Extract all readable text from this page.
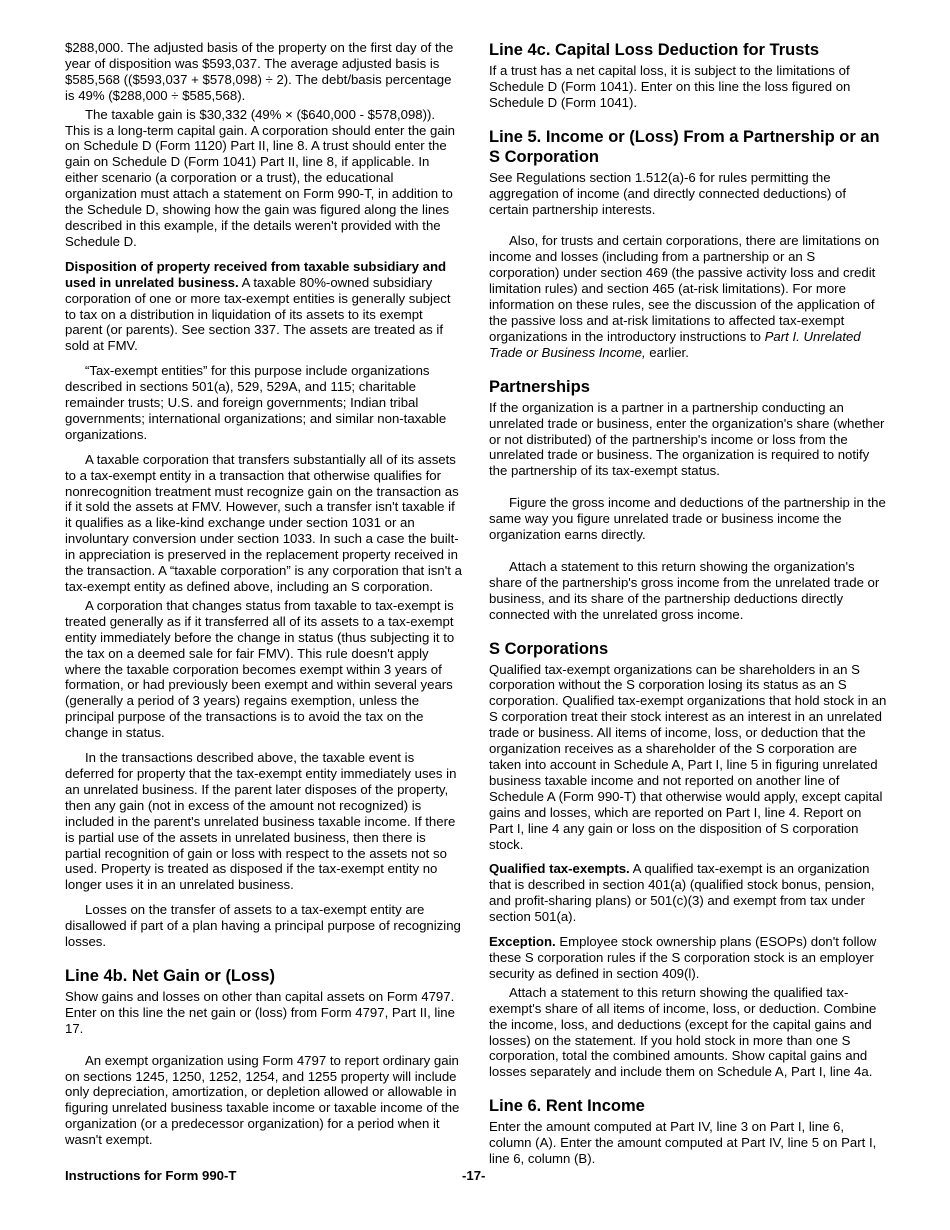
$288,000. The adjusted basis of the property on the first day of the year of disposition was $593,037. The average adjusted basis is $585,568 (($593,037 + $578,098) ÷ 2). The debt/basis percentage is 49% ($288,000 ÷ $585,568).

The taxable gain is $30,332 (49% × ($640,000 - $578,098)). This is a long-term capital gain. A corporation should enter the gain on Schedule D (Form 1120) Part II, line 8. A trust should enter the gain on Schedule D (Form 1041) Part II, line 8, if applicable. In either scenario (a corporation or a trust), the educational organization must attach a statement on Form 990-T, in addition to the Schedule D, showing how the gain was figured along the lines described in this example, if the details weren't provided with the Schedule D.

Disposition of property received from taxable subsidiary and used in unrelated business. A taxable 80%-owned subsidiary corporation of one or more tax-exempt entities is generally subject to tax on a distribution in liquidation of its assets to its exempt parent (or parents). See section 337. The assets are treated as if sold at FMV.

“Tax-exempt entities” for this purpose include organizations described in sections 501(a), 529, 529A, and 115; charitable remainder trusts; U.S. and foreign governments; Indian tribal governments; international organizations; and similar non-taxable organizations.

A taxable corporation that transfers substantially all of its assets to a tax-exempt entity in a transaction that otherwise qualifies for nonrecognition treatment must recognize gain on the transaction as if it sold the assets at FMV. However, such a transfer isn't taxable if it qualifies as a like-kind exchange under section 1031 or an involuntary conversion under section 1033. In such a case the built-in appreciation is preserved in the replacement property received in the transaction. A “taxable corporation” is any corporation that isn't a tax-exempt entity as defined above, including an S corporation.

A corporation that changes status from taxable to tax-exempt is treated generally as if it transferred all of its assets to a tax-exempt entity immediately before the change in status (thus subjecting it to the tax on a deemed sale for fair FMV). This rule doesn't apply where the taxable corporation becomes exempt within 3 years of formation, or had previously been exempt and within several years (generally a period of 3 years) regains exemption, unless the principal purpose of the transactions is to avoid the tax on the change in status.

In the transactions described above, the taxable event is deferred for property that the tax-exempt entity immediately uses in an unrelated business. If the parent later disposes of the property, then any gain (not in excess of the amount not recognized) is included in the parent's unrelated business taxable income. If there is partial use of the assets in unrelated business, then there is partial recognition of gain or loss with respect to the assets not so used. Property is treated as disposed if the tax-exempt entity no longer uses it in an unrelated business.

Losses on the transfer of assets to a tax-exempt entity are disallowed if part of a plan having a principal purpose of recognizing losses.

Line 4b. Net Gain or (Loss)

Show gains and losses on other than capital assets on Form 4797. Enter on this line the net gain or (loss) from Form 4797, Part II, line 17.

An exempt organization using Form 4797 to report ordinary gain on sections 1245, 1250, 1252, 1254, and 1255 property will include only depreciation, amortization, or depletion allowed or allowable in figuring unrelated business taxable income or taxable income of the organization (or a predecessor organization) for a period when it wasn't exempt.

Line 4c. Capital Loss Deduction for Trusts

If a trust has a net capital loss, it is subject to the limitations of Schedule D (Form 1041). Enter on this line the loss figured on Schedule D (Form 1041).

Line 5. Income or (Loss) From a Partnership or an S Corporation

See Regulations section 1.512(a)-6 for rules permitting the aggregation of income (and directly connected deductions) of certain partnership interests.

Also, for trusts and certain corporations, there are limitations on income and losses (including from a partnership or an S corporation) under section 469 (the passive activity loss and credit limitation rules) and section 465 (at-risk limitations). For more information on these rules, see the discussion of the application of the passive loss and at-risk limitations to affected tax-exempt organizations in the introductory instructions to Part I. Unrelated Trade or Business Income, earlier.

Partnerships

If the organization is a partner in a partnership conducting an unrelated trade or business, enter the organization's share (whether or not distributed) of the partnership's income or loss from the unrelated trade or business. The organization is required to notify the partnership of its tax-exempt status.

Figure the gross income and deductions of the partnership in the same way you figure unrelated trade or business income the organization earns directly.

Attach a statement to this return showing the organization's share of the partnership's gross income from the unrelated trade or business, and its share of the partnership deductions directly connected with the unrelated gross income.

S Corporations

Qualified tax-exempt organizations can be shareholders in an S corporation without the S corporation losing its status as an S corporation. Qualified tax-exempt organizations that hold stock in an S corporation treat their stock interest as an interest in an unrelated trade or business. All items of income, loss, or deduction that the organization receives as a shareholder of the S corporation are taken into account in Schedule A, Part I, line 5 in figuring unrelated business taxable income and not reported on another line of Schedule A (Form 990-T) that otherwise would apply, except capital gains and losses, which are reported on Part I, line 4. Report on Part I, line 4 any gain or loss on the disposition of S corporation stock.

Qualified tax-exempts. A qualified tax-exempt is an organization that is described in section 401(a) (qualified stock bonus, pension, and profit-sharing plans) or 501(c)(3) and exempt from tax under section 501(a).

Exception. Employee stock ownership plans (ESOPs) don't follow these S corporation rules if the S corporation stock is an employer security as defined in section 409(l).

Attach a statement to this return showing the qualified tax-exempt's share of all items of income, loss, or deduction. Combine the income, loss, and deductions (except for the capital gains and losses) on the statement. If you hold stock in more than one S corporation, total the combined amounts. Show capital gains and losses separately and include them on Schedule A, Part I, line 4a.

Line 6. Rent Income

Enter the amount computed at Part IV, line 3 on Part I, line 6, column (A). Enter the amount computed at Part IV, line 5 on Part I, line 6, column (B).

Instructions for Form 990-T	-17-
